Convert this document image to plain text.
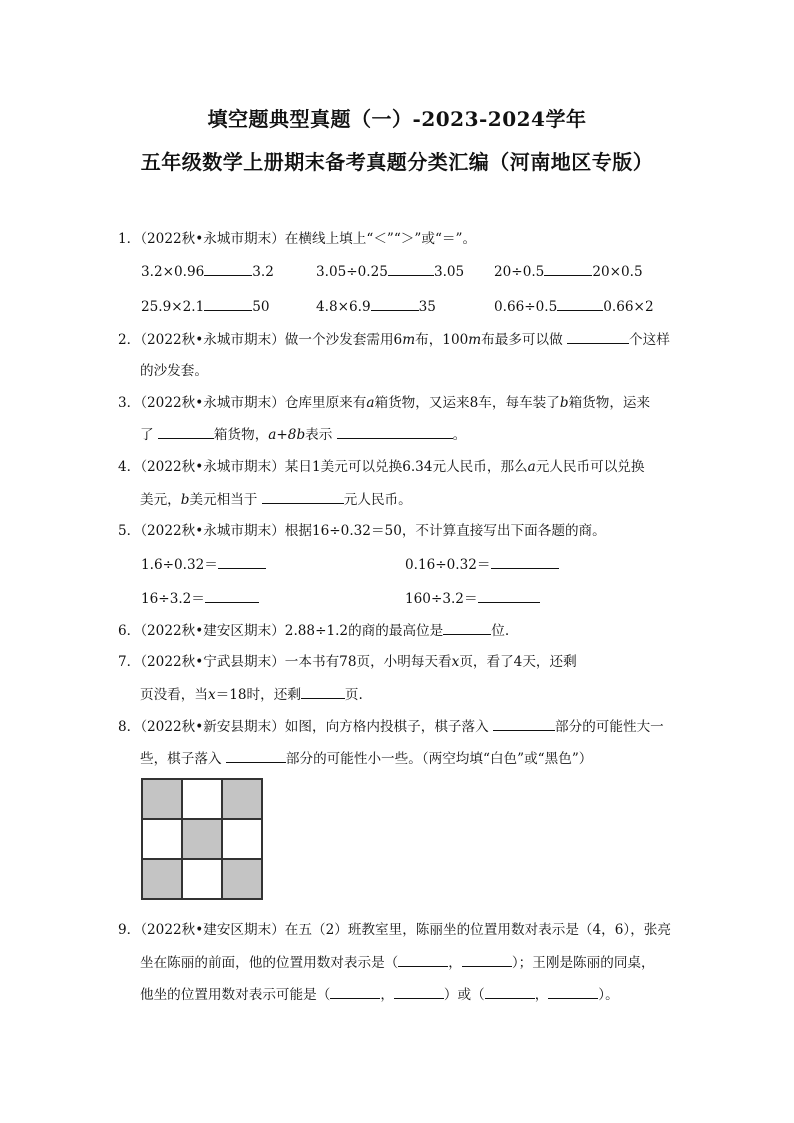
填空题典型真题（一）-2023-2024学年
五年级数学上册期末备考真题分类汇编（河南地区专版）
1．（2022秋•永城市期末）在横线上填上“＜”“＞”或“＝”。
3.2×0.96	3.2	3.05÷0.25	3.05 20÷0.5	20×0.5
25.9×2.1	50	4.8×6.9	35	0.66÷0.5	0.66×2
2．（2022秋•永城市期末）做一个沙发套需用6m布，100m布最多可以做	个这样
的沙发套。
3．（2022秋•永城市期末）仓库里原来有a箱货物，又运来8车，每车装了b箱货物，运来
了	箱货物，a+8b表示	。
4．（2022秋•永城市期末）某日1美元可以兑换6.34元人民币，那么a元人民币可以兑换
美元，b美元相当于	元人民币。
5．（2022秋•永城市期末）根据16÷0.32＝50，不计算直接写出下面各题的商。
1.6÷0.32＝	0.16÷0.32＝
16÷3.2＝	160÷3.2＝
6．（2022秋•建安区期末）2.88÷1.2的商的最高位是	位.
7．（2022秋•宁武县期末）一本书有78页，小明每天看x页，看了4天，还剩
页没看，当x＝18时，还剩	页.
8．（2022秋•新安县期末）如图，向方格内投棋子，棋子落入	部分的可能性大一
些，棋子落入	部分的可能性小一些。（两空均填“白色”或“黑色”）
9．（2022秋•建安区期末）在五（2）班教室里，陈丽坐的位置用数对表示是（4，6），张亮
坐在陈丽的前面，他的位置用数对表示是（	，	）；王刚是陈丽的同桌，
他坐的位置用数对表示可能是（	，	）或（	，	）。
